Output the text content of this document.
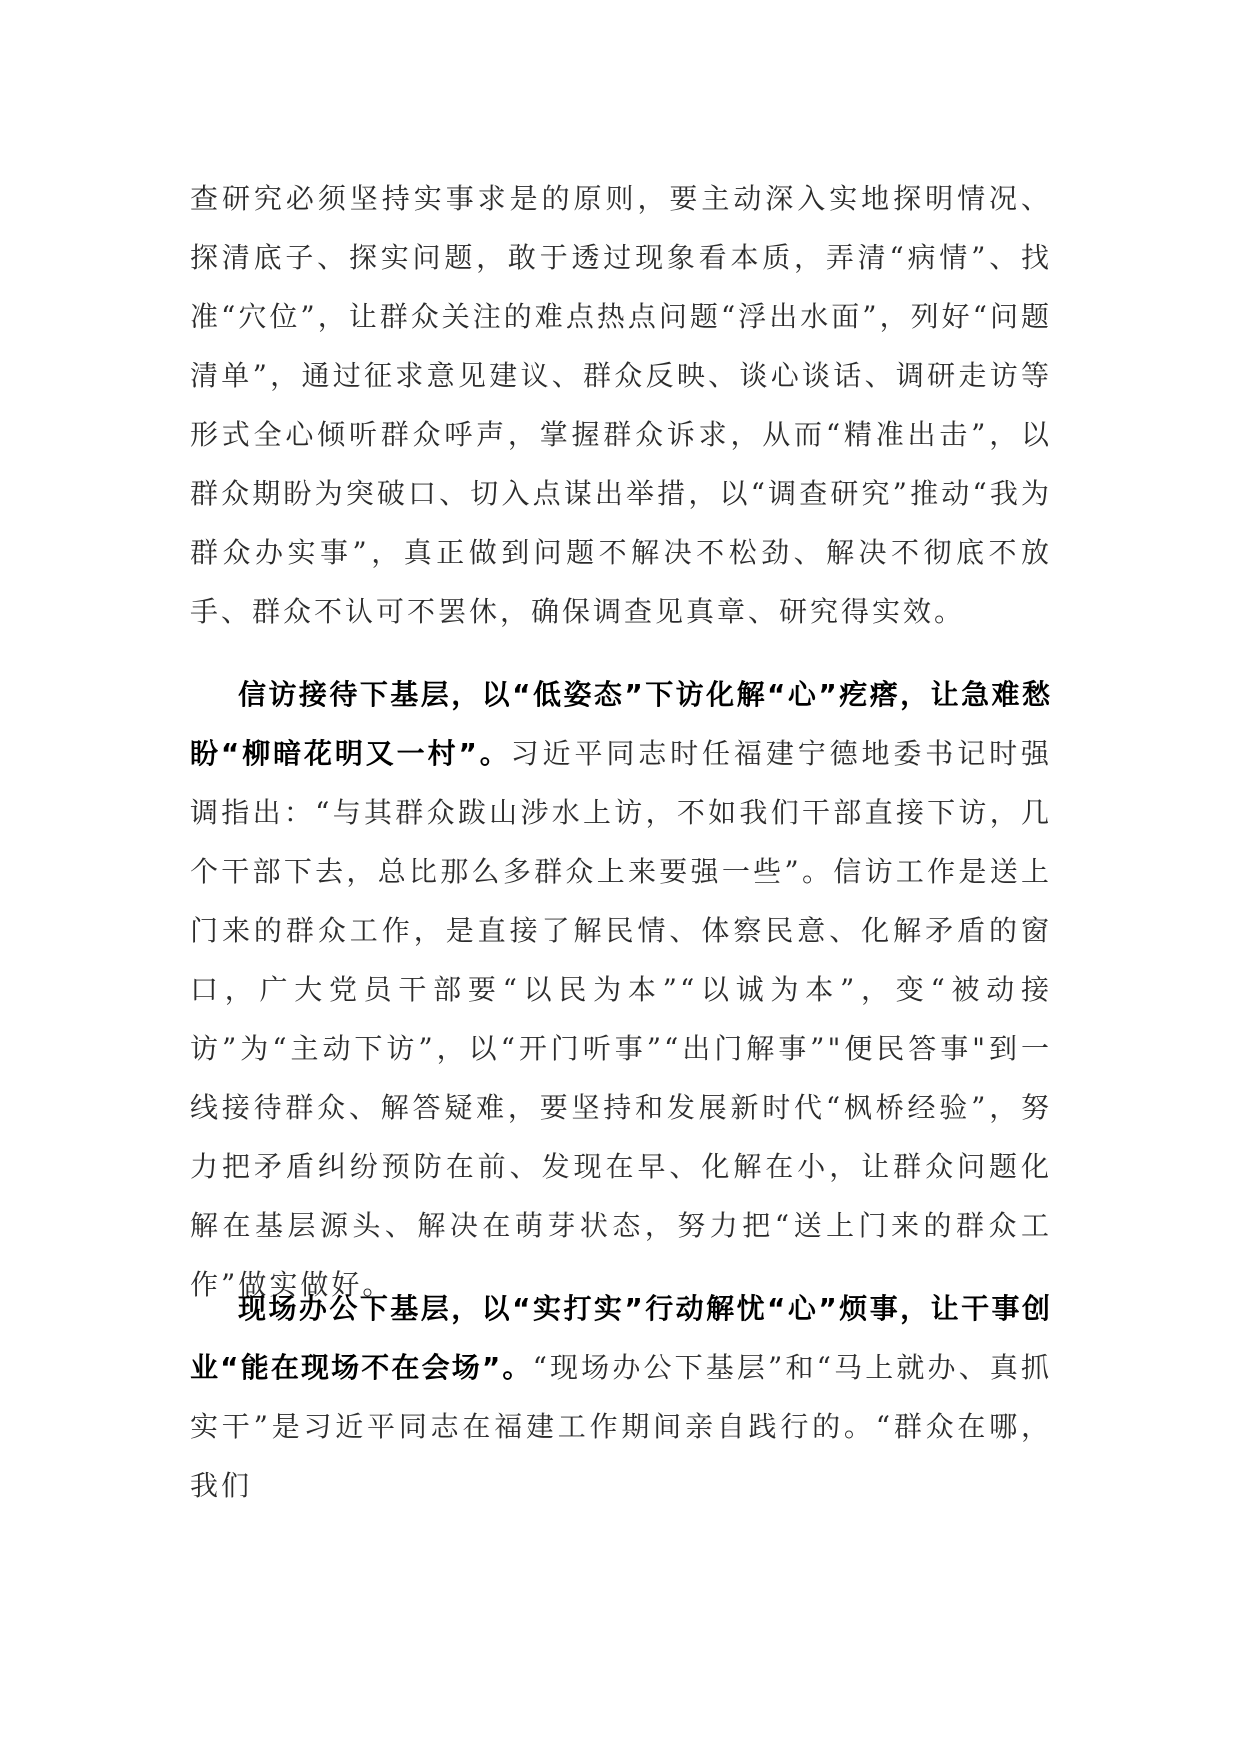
查研究必须坚持实事求是的原则，要主动深入实地探明情况、探清底子、探实问题，敢于透过现象看本质，弄清“病情”、找准“穴位”，让群众关注的难点热点问题“浮出水面”，列好“问题清单”，通过征求意见建议、群众反映、谈心谈话、调研走访等形式全心倾听群众呼声，掌握群众诉求，从而“精准出击”，以群众期盼为突破口、切入点谋出举措，以“调查研究”推动“我为群众办实事”，真正做到问题不解决不松劲、解决不彻底不放手、群众不认可不罢休，确保调查见真章、研究得实效。

信访接待下基层，以“低姿态”下访化解“心”疙瘩，让急难愁盼“柳暗花明又一村”。习近平同志时任福建宁德地委书记时强调指出：“与其群众跋山涉水上访，不如我们干部直接下访，几个干部下去，总比那么多群众上来要强一些”。信访工作是送上门来的群众工作，是直接了解民情、体察民意、化解矛盾的窗口，广大党员干部要“以民为本”“以诚为本”，变“被动接访”为“主动下访”，以“开门听事”“出门解事”"便民答事"到一线接待群众、解答疑难，要坚持和发展新时代“枫桥经验”，努力把矛盾纠纷预防在前、发现在早、化解在小，让群众问题化解在基层源头、解决在萌芽状态，努力把“送上门来的群众工作”做实做好。

现场办公下基层，以“实打实”行动解忧“心”烦事，让干事创业“能在现场不在会场”。“现场办公下基层”和“马上就办、真抓实干”是习近平同志在福建工作期间亲自践行的。“群众在哪，我们
